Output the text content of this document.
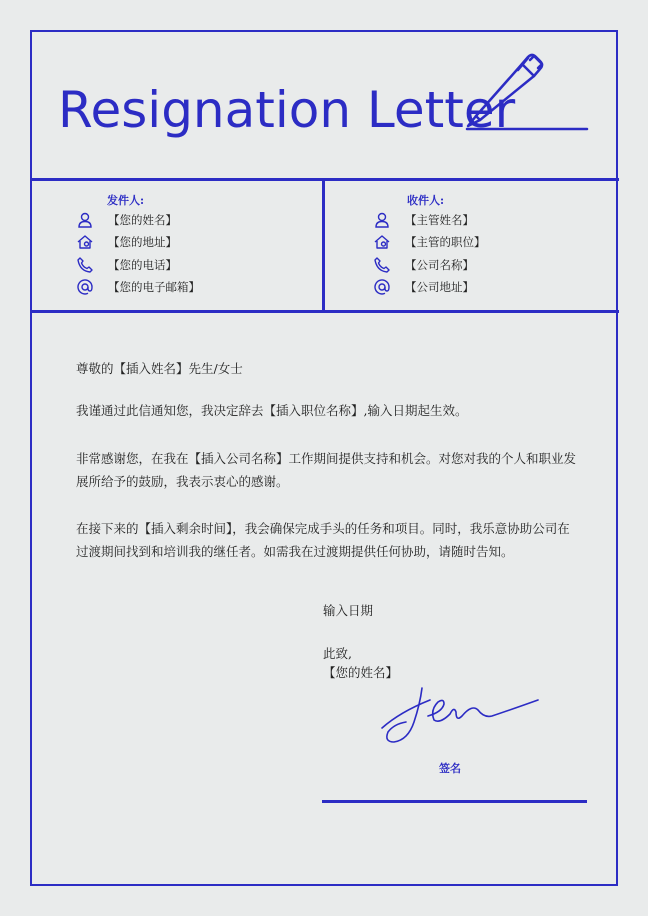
Resignation Letter
发件人:
【您的姓名】
【您的地址】
【您的电话】
【您的电子邮箱】
收件人:
【主管姓名】
【主管的职位】
【公司名称】
【公司地址】
尊敬的【插入姓名】先生/女士
我谨通过此信通知您，我决定辞去【插入职位名称】,输入日期起生效。
非常感谢您，在我在【插入公司名称】工作期间提供支持和机会。对您对我的个人和职业发展所给予的鼓励，我表示衷心的感谢。
在接下来的【插入剩余时间】，我会确保完成手头的任务和项目。同时，我乐意协助公司在过渡期间找到和培训我的继任者。如需我在过渡期提供任何协助，请随时告知。
输入日期
此致,
【您的姓名】
签名
